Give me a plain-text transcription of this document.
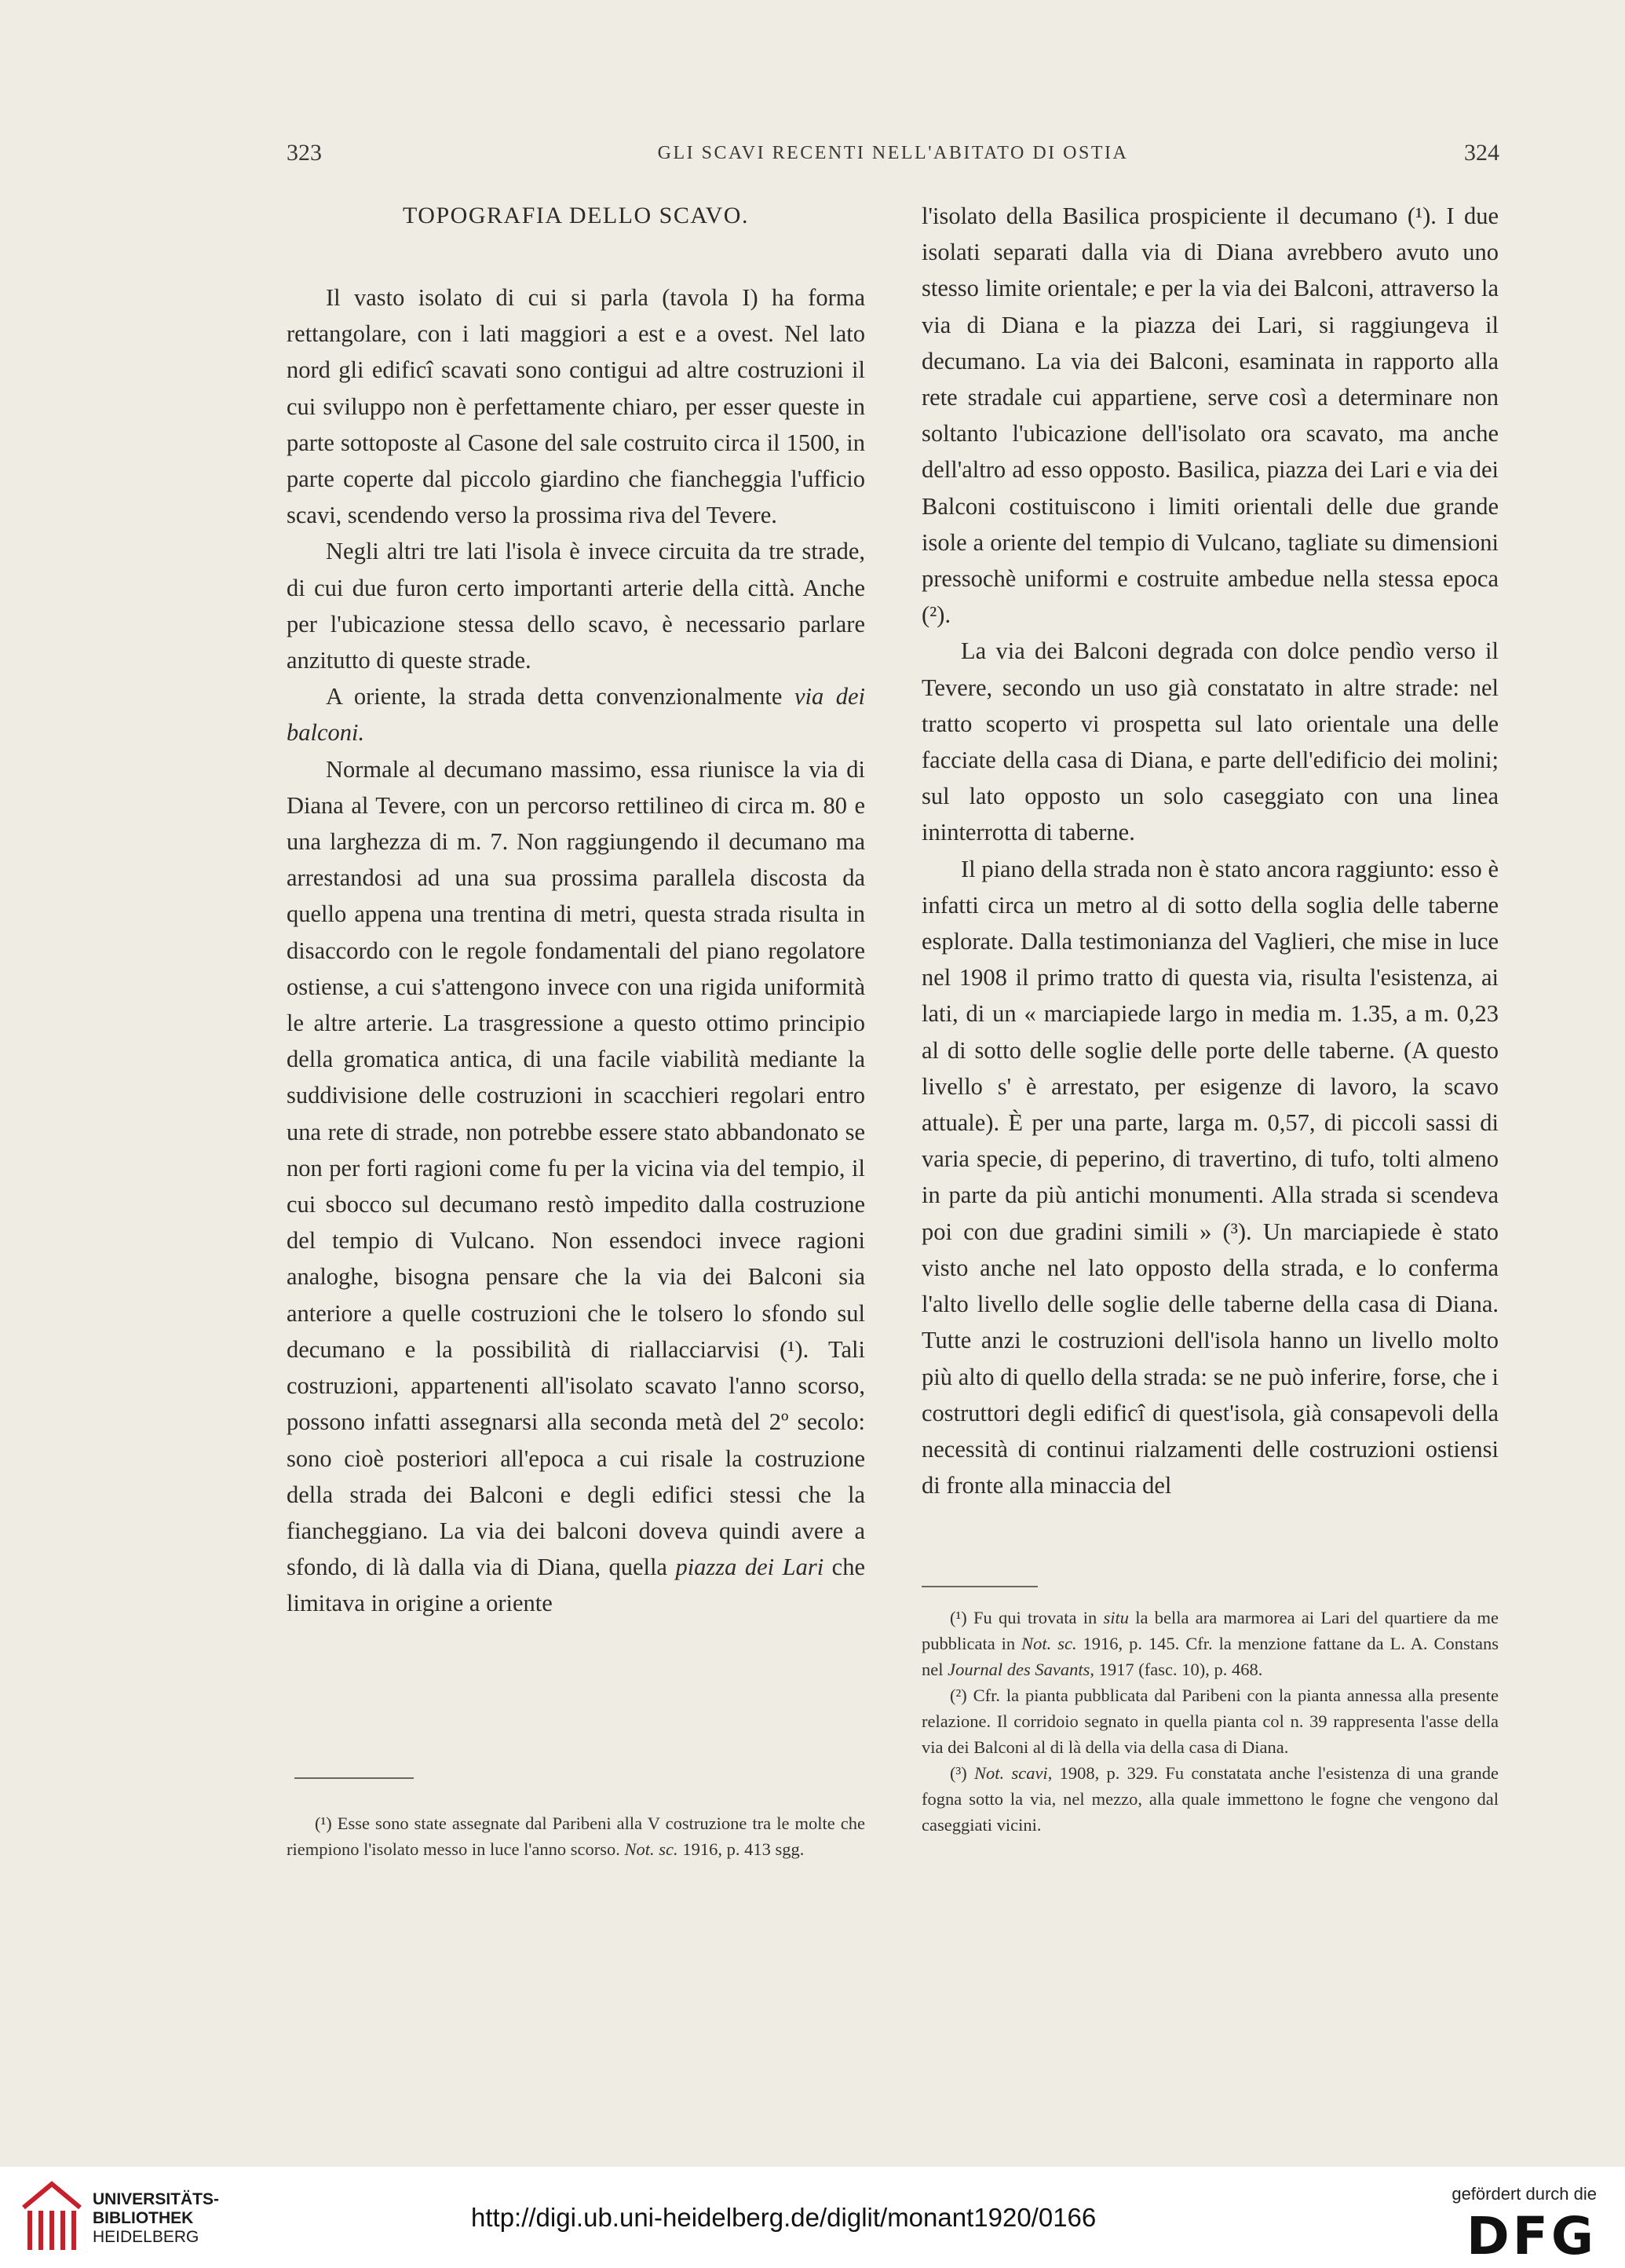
323	GLI SCAVI RECENTI NELL'ABITATO DI OSTIA	324

TOPOGRAFIA DELLO SCAVO.

Il vasto isolato di cui si parla (tavola I) ha forma rettangolare, con i lati maggiori a est e a ovest. Nel lato nord gli edificî scavati sono contigui ad altre costruzioni il cui sviluppo non è perfettamente chiaro, per esser queste in parte sottoposte al Casone del sale costruito circa il 1500, in parte coperte dal piccolo giardino che fiancheggia l'ufficio scavi, scendendo verso la prossima riva del Tevere.

Negli altri tre lati l'isola è invece circuita da tre strade, di cui due furon certo importanti arterie della città. Anche per l'ubicazione stessa dello scavo, è necessario parlare anzitutto di queste strade.

A oriente, la strada detta convenzionalmente via dei balconi.

Normale al decumano massimo, essa riunisce la via di Diana al Tevere, con un percorso rettilineo di circa m. 80 e una larghezza di m. 7. Non raggiungendo il decumano ma arrestandosi ad una sua prossima parallela discosta da quello appena una trentina di metri, questa strada risulta in disaccordo con le regole fondamentali del piano regolatore ostiense, a cui s'attengono invece con una rigida uniformità le altre arterie. La trasgressione a questo ottimo principio della gromatica antica, di una facile viabilità mediante la suddivisione delle costruzioni in scacchieri regolari entro una rete di strade, non potrebbe essere stato abbandonato se non per forti ragioni come fu per la vicina via del tempio, il cui sbocco sul decumano restò impedito dalla costruzione del tempio di Vulcano. Non essendoci invece ragioni analoghe, bisogna pensare che la via dei Balconi sia anteriore a quelle costruzioni che le tolsero lo sfondo sul decumano e la possibilità di riallacciarvisi (¹). Tali costruzioni, appartenenti all'isolato scavato l'anno scorso, possono infatti assegnarsi alla seconda metà del 2º secolo: sono cioè posteriori all'epoca a cui risale la costruzione della strada dei Balconi e degli edifici stessi che la fiancheggiano. La via dei balconi doveva quindi avere a sfondo, di là dalla via di Diana, quella piazza dei Lari che limitava in origine a oriente

l'isolato della Basilica prospiciente il decumano (¹). I due isolati separati dalla via di Diana avrebbero avuto uno stesso limite orientale; e per la via dei Balconi, attraverso la via di Diana e la piazza dei Lari, si raggiungeva il decumano. La via dei Balconi, esaminata in rapporto alla rete stradale cui appartiene, serve così a determinare non soltanto l'ubicazione dell'isolato ora scavato, ma anche dell'altro ad esso opposto. Basilica, piazza dei Lari e via dei Balconi costituiscono i limiti orientali delle due grande isole a oriente del tempio di Vulcano, tagliate su dimensioni pressochè uniformi e costruite ambedue nella stessa epoca (²).

La via dei Balconi degrada con dolce pendìo verso il Tevere, secondo un uso già constatato in altre strade: nel tratto scoperto vi prospetta sul lato orientale una delle facciate della casa di Diana, e parte dell'edificio dei molini; sul lato opposto un solo caseggiato con una linea ininterrotta di taberne.

Il piano della strada non è stato ancora raggiunto: esso è infatti circa un metro al di sotto della soglia delle taberne esplorate. Dalla testimonianza del Vaglieri, che mise in luce nel 1908 il primo tratto di questa via, risulta l'esistenza, ai lati, di un « marciapiede largo in media m. 1.35, a m. 0,23 al di sotto delle soglie delle porte delle taberne. (A questo livello s' è arrestato, per esigenze di lavoro, la scavo attuale). È per una parte, larga m. 0,57, di piccoli sassi di varia specie, di peperino, di travertino, di tufo, tolti almeno in parte da più antichi monumenti. Alla strada si scendeva poi con due gradini simili » (³). Un marciapiede è stato visto anche nel lato opposto della strada, e lo conferma l'alto livello delle soglie delle taberne della casa di Diana. Tutte anzi le costruzioni dell'isola hanno un livello molto più alto di quello della strada: se ne può inferire, forse, che i costruttori degli edificî di quest'isola, già consapevoli della necessità di continui rialzamenti delle costruzioni ostiensi di fronte alla minaccia del

(¹) Esse sono state assegnate dal Paribeni alla V costruzione tra le molte che riempiono l'isolato messo in luce l'anno scorso. Not. sc. 1916, p. 413 sgg.

(¹) Fu qui trovata in situ la bella ara marmorea ai Lari del quartiere da me pubblicata in Not. sc. 1916, p. 145. Cfr. la menzione fattane da L. A. Constans nel Journal des Savants, 1917 (fasc. 10), p. 468.

(²) Cfr. la pianta pubblicata dal Paribeni con la pianta annessa alla presente relazione. Il corridoio segnato in quella pianta col n. 39 rappresenta l'asse della via dei Balconi al di là della via della casa di Diana.

(³) Not. scavi, 1908, p. 329. Fu constatata anche l'esistenza di una grande fogna sotto la via, nel mezzo, alla quale immettono le fogne che vengono dal caseggiati vicini.

UNIVERSITÄTS-
BIBLIOTHEK
HEIDELBERG
http://digi.ub.uni-heidelberg.de/diglit/monant1920/0166
gefördert durch die
DFG
